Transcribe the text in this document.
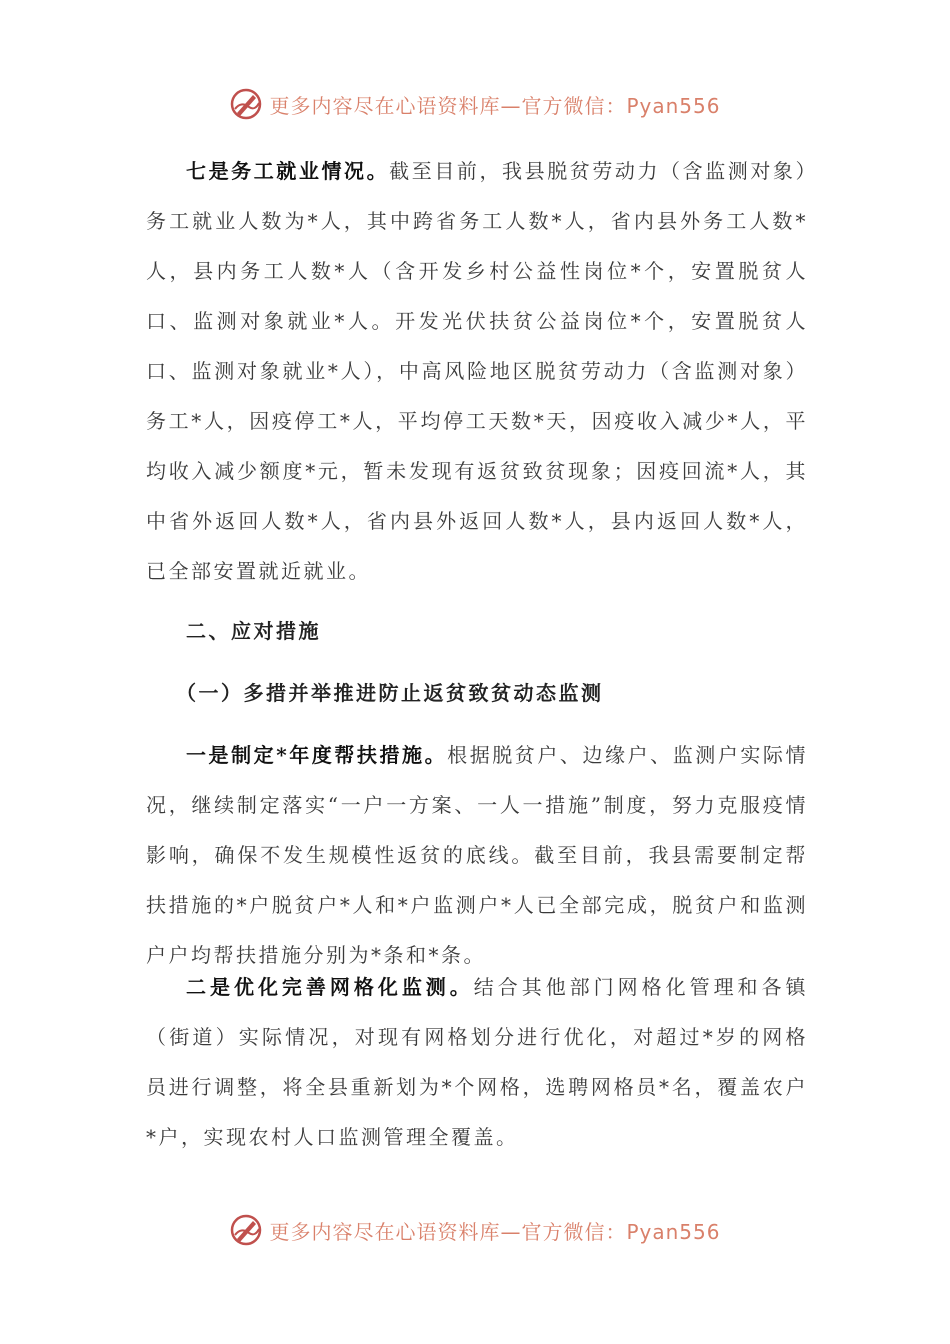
更多内容尽在心语资料库—官方微信：Pyan556

七是务工就业情况。截至目前，我县脱贫劳动力（含监测对象）务工就业人数为*人，其中跨省务工人数*人，省内县外务工人数*人，县内务工人数*人（含开发乡村公益性岗位*个，安置脱贫人口、监测对象就业*人。开发光伏扶贫公益岗位*个，安置脱贫人口、监测对象就业*人），中高风险地区脱贫劳动力（含监测对象）务工*人，因疫停工*人，平均停工天数*天，因疫收入减少*人，平均收入减少额度*元，暂未发现有返贫致贫现象；因疫回流*人，其中省外返回人数*人，省内县外返回人数*人，县内返回人数*人，已全部安置就近就业。

二、应对措施

（一）多措并举推进防止返贫致贫动态监测

一是制定*年度帮扶措施。根据脱贫户、边缘户、监测户实际情况，继续制定落实“一户一方案、一人一措施”制度，努力克服疫情影响，确保不发生规模性返贫的底线。截至目前，我县需要制定帮扶措施的*户脱贫户*人和*户监测户*人已全部完成，脱贫户和监测户户均帮扶措施分别为*条和*条。

二是优化完善网格化监测。结合其他部门网格化管理和各镇（街道）实际情况，对现有网格划分进行优化，对超过*岁的网格员进行调整，将全县重新划为*个网格，选聘网格员*名，覆盖农户*户，实现农村人口监测管理全覆盖。

更多内容尽在心语资料库—官方微信：Pyan556
